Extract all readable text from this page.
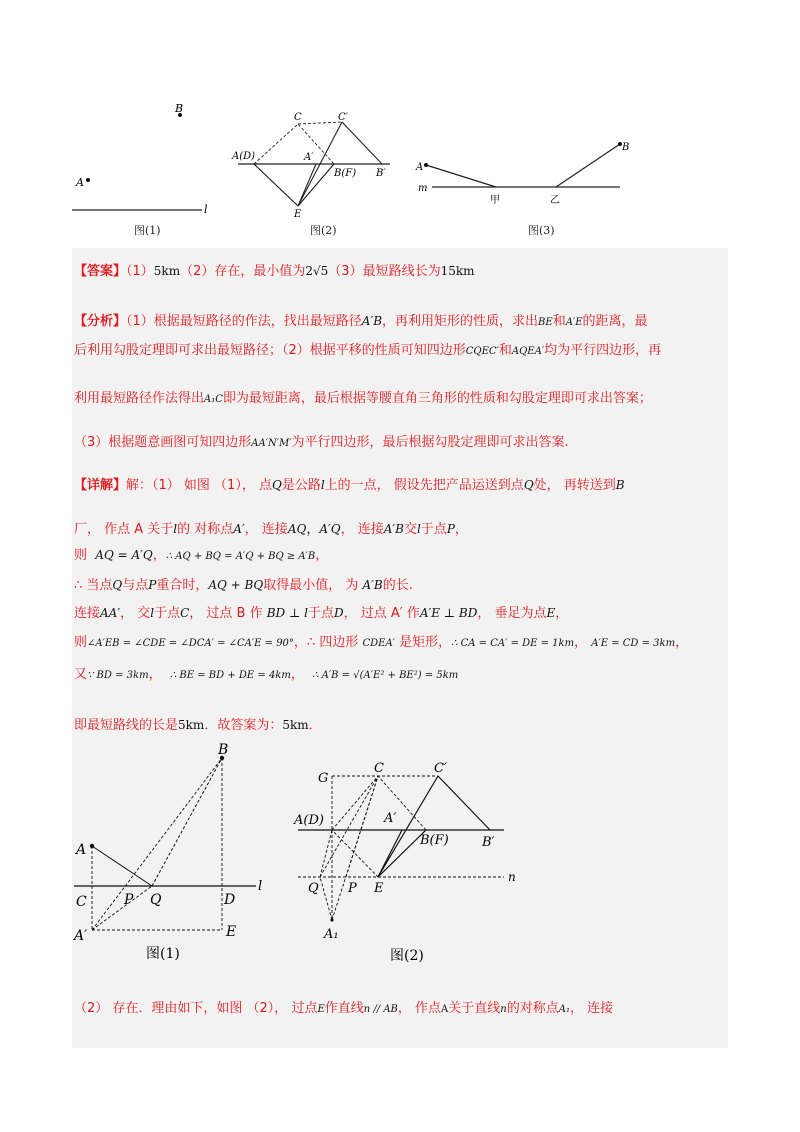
B
A
l
图(1)
C	C′
A(D)	A′
B(F) B′
E
图(2)
A
B
m
甲	乙
图(3)
【答案】（1）5km（2）存在，最小值为2√5（3）最短路线长为15km
【分析】（1）根据最短路径的作法，找出最短路径A′B，再利用矩形的性质，求出BE和A′E的距离，最
后利用勾股定理即可求出最短路径；（2）根据平移的性质可知四边形CQEC′和AQEA′均为平行四边形，再
利用最短路径作法得出A₁C即为最短距离，最后根据等腰直角三角形的性质和勾股定理即可求出答案；
（3）根据题意画图可知四边形AA′N′M′为平行四边形，最后根据勾股定理即可求出答案.
【详解】解：（1） 如图 （1）， 点Q是公路l上的一点， 假设先把产品运送到点Q处， 再转送到B
厂， 作点 A 关于l的 对称点A′， 连接AQ，A′Q， 连接A′B交l于点P，
则 AQ = A′Q，∴ AQ + BQ = A′Q + BQ ≥ A′B，
∴ 当点Q与点P重合时，AQ + BQ取得最小值， 为 A′B的长.
连接AA′， 交l于点C， 过点 B 作 BD ⊥ l于点D， 过点 A′ 作A′E ⊥ BD， 垂足为点E，
则∠A′EB = ∠CDE = ∠DCA′ = ∠CA′E = 90°，∴ 四边形 CDEA′ 是矩形，∴ CA = CA′ = DE = 1km， A′E = CD = 3km，
又∵ BD = 3km， ∴ BE = BD + DE = 4km， ∴ A′B = √(A′E² + BE²) = 5km
即最短路线的长是5km．故答案为：5km．
B
A
C	P Q	D
l
A′	E
图(1)
G
C	C′
A(D)	A′
B(F)	B′
Q P E
n
A₁
图(2)
（2） 存在．理由如下，如图 （2）， 过点E作直线n // AB， 作点A关于直线n的对称点A₁， 连接
